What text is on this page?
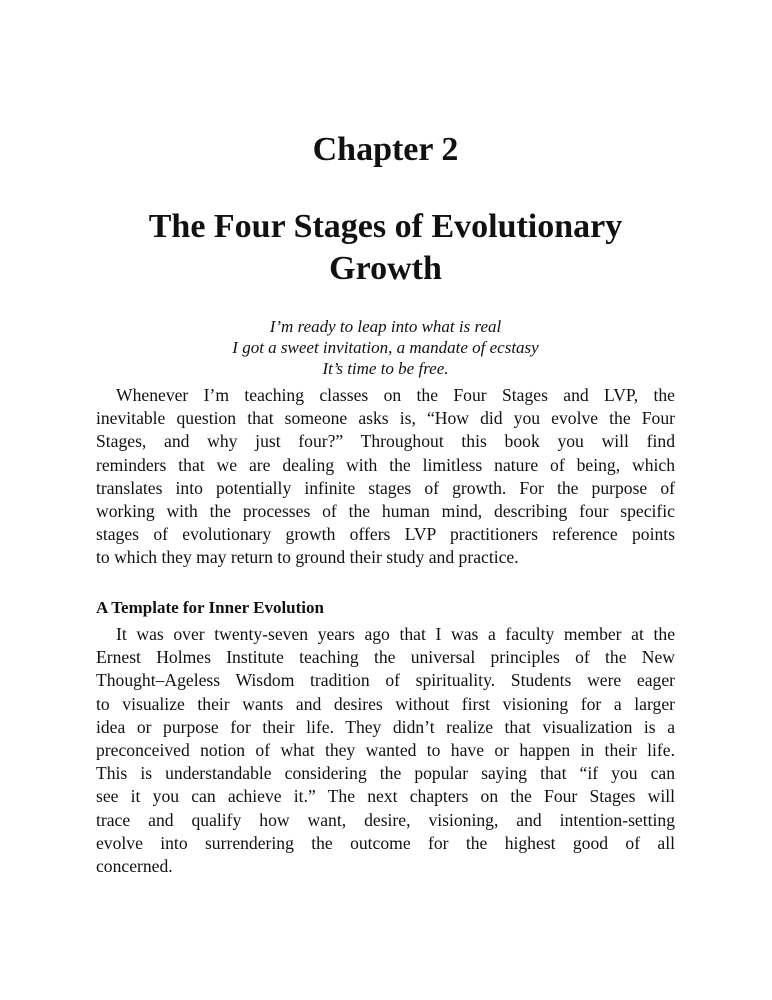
Chapter 2
The Four Stages of Evolutionary
Growth
I’m ready to leap into what is real
I got a sweet invitation, a mandate of ecstasy
It’s time to be free.
Whenever I’m teaching classes on the Four Stages and LVP, the
inevitable question that someone asks is, “How did you evolve the Four
Stages, and why just four?” Throughout this book you will find
reminders that we are dealing with the limitless nature of being, which
translates into potentially infinite stages of growth. For the purpose of
working with the processes of the human mind, describing four specific
stages of evolutionary growth offers LVP practitioners reference points
to which they may return to ground their study and practice.
A Template for Inner Evolution
It was over twenty-seven years ago that I was a faculty member at the
Ernest Holmes Institute teaching the universal principles of the New
Thought–Ageless Wisdom tradition of spirituality. Students were eager
to visualize their wants and desires without first visioning for a larger
idea or purpose for their life. They didn’t realize that visualization is a
preconceived notion of what they wanted to have or happen in their life.
This is understandable considering the popular saying that “if you can
see it you can achieve it.” The next chapters on the Four Stages will
trace and qualify how want, desire, visioning, and intention-setting
evolve into surrendering the outcome for the highest good of all
concerned.
